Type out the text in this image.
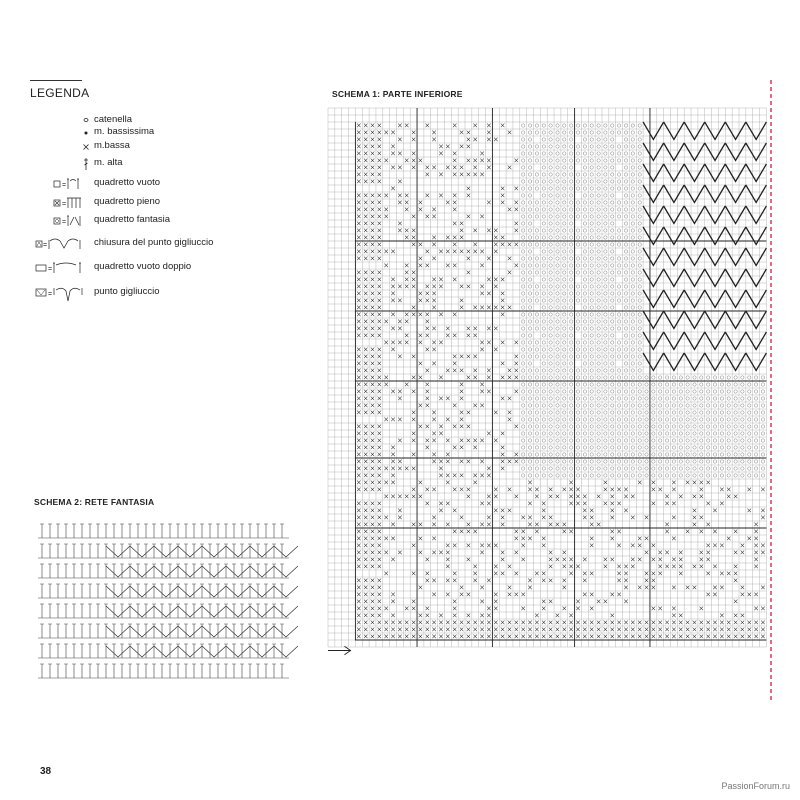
LEGENDA
catenella
m. bassissima
m.bassa
m. alta
=	quadretto vuoto
=	quadretto pieno
=	quadretto fantasia
=	chiusura del punto gigliuccio
=	quadretto vuoto doppio
=	punto gigliuccio
SCHEMA 1: PARTE INFERIORE
SCHEMA 2: RETE FANTASIA
38
PassionForum.ru
